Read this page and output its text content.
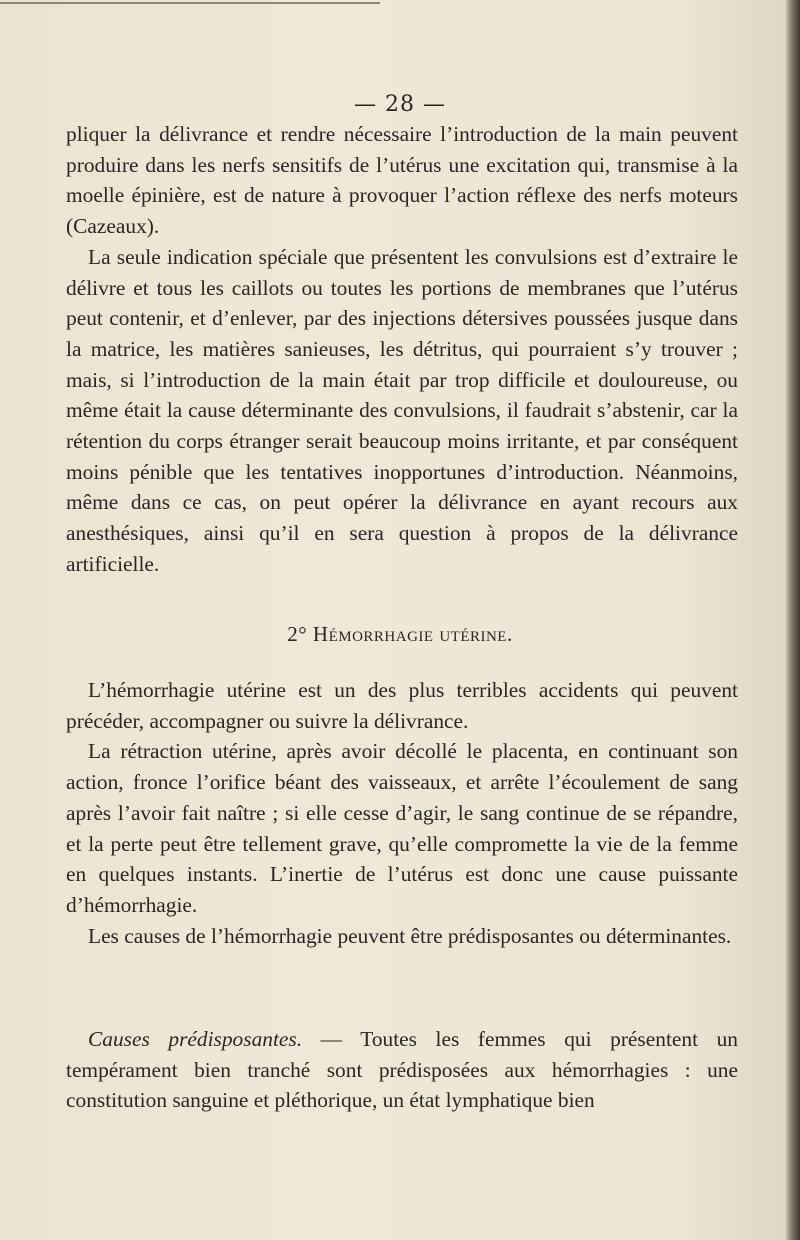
— 28 —

pliquer la délivrance et rendre nécessaire l’introduction de la main peuvent produire dans les nerfs sensitifs de l’utérus une excitation qui, transmise à la moelle épinière, est de nature à provoquer l’action réflexe des nerfs moteurs (Cazeaux).

La seule indication spéciale que présentent les convulsions est d’extraire le délivre et tous les caillots ou toutes les portions de membranes que l’utérus peut contenir, et d’enlever, par des injections détersives poussées jusque dans la matrice, les matières sanieuses, les détritus, qui pourraient s’y trouver ; mais, si l’introduction de la main était par trop difficile et douloureuse, ou même était la cause déterminante des convulsions, il faudrait s’abstenir, car la rétention du corps étranger serait beaucoup moins irritante, et par conséquent moins pénible que les tentatives inopportunes d’introduction. Néanmoins, même dans ce cas, on peut opérer la délivrance en ayant recours aux anesthésiques, ainsi qu’il en sera question à propos de la délivrance artificielle.

2° Hémorrhagie utérine.

L’hémorrhagie utérine est un des plus terribles accidents qui peuvent précéder, accompagner ou suivre la délivrance.

La rétraction utérine, après avoir décollé le placenta, en continuant son action, fronce l’orifice béant des vaisseaux, et arrête l’écoulement de sang après l’avoir fait naître ; si elle cesse d’agir, le sang continue de se répandre, et la perte peut être tellement grave, qu’elle compromette la vie de la femme en quelques instants. L’inertie de l’utérus est donc une cause puissante d’hémorrhagie.

Les causes de l’hémorrhagie peuvent être prédisposantes ou déterminantes.

Causes prédisposantes. — Toutes les femmes qui présentent un tempérament bien tranché sont prédisposées aux hémorrhagies : une constitution sanguine et pléthorique, un état lymphatique bien
